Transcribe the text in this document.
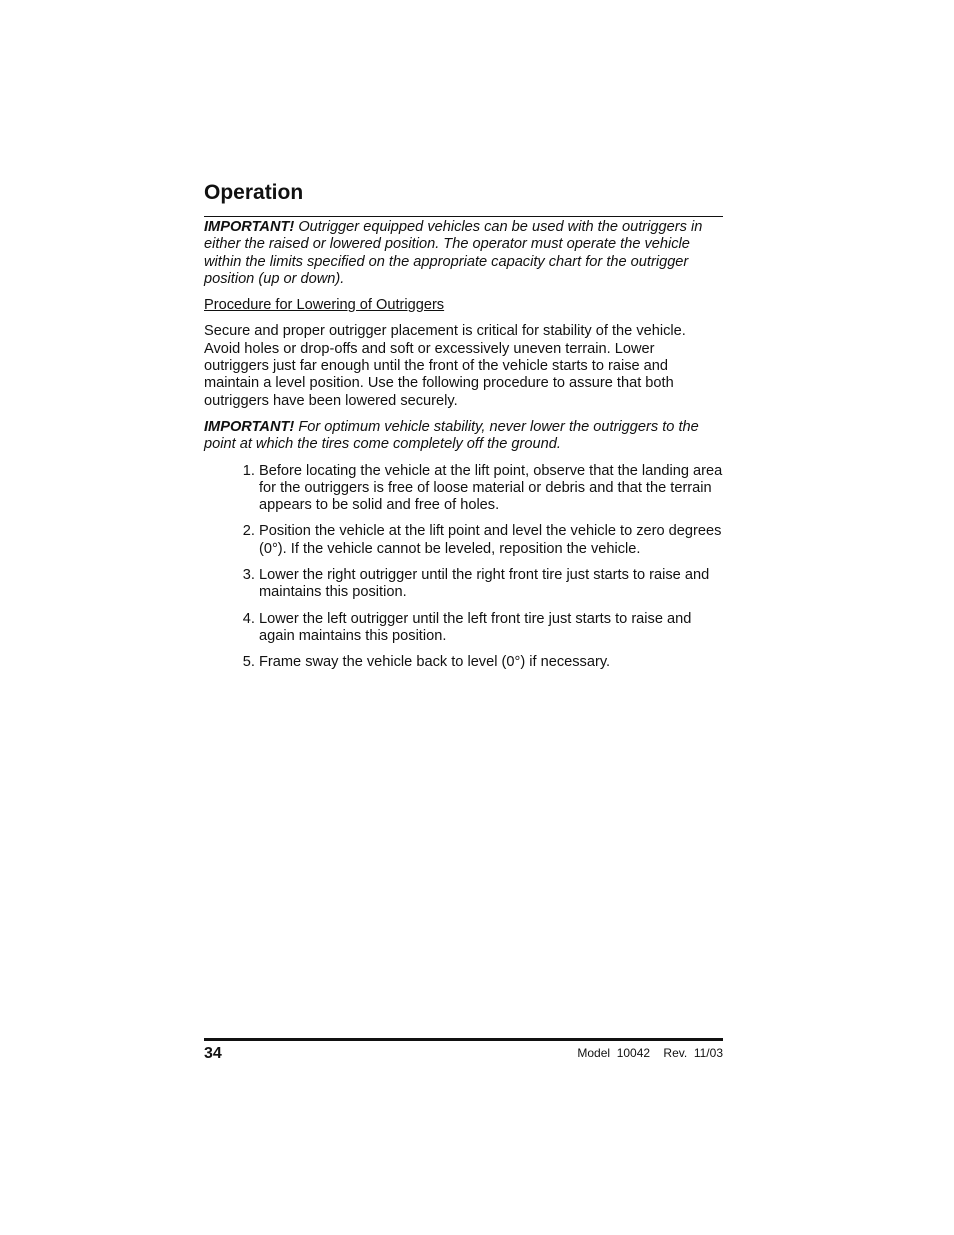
Operation

IMPORTANT! Outrigger equipped vehicles can be used with the outriggers in either the raised or lowered position. The operator must operate the vehicle within the limits specified on the appropriate capacity chart for the outrigger position (up or down).

Procedure for Lowering of Outriggers

Secure and proper outrigger placement is critical for stability of the vehicle. Avoid holes or drop-offs and soft or excessively uneven terrain. Lower outriggers just far enough until the front of the vehicle starts to raise and maintain a level position. Use the following procedure to assure that both outriggers have been lowered securely.

IMPORTANT! For optimum vehicle stability, never lower the outriggers to the point at which the tires come completely off the ground.

1. Before locating the vehicle at the lift point, observe that the landing area for the outriggers is free of loose material or debris and that the terrain appears to be solid and free of holes.
2. Position the vehicle at the lift point and level the vehicle to zero degrees (0°). If the vehicle cannot be leveled, reposition the vehicle.
3. Lower the right outrigger until the right front tire just starts to raise and maintains this position.
4. Lower the left outrigger until the left front tire just starts to raise and again maintains this position.
5. Frame sway the vehicle back to level (0°) if necessary.
34	Model  10042    Rev.  11/03
